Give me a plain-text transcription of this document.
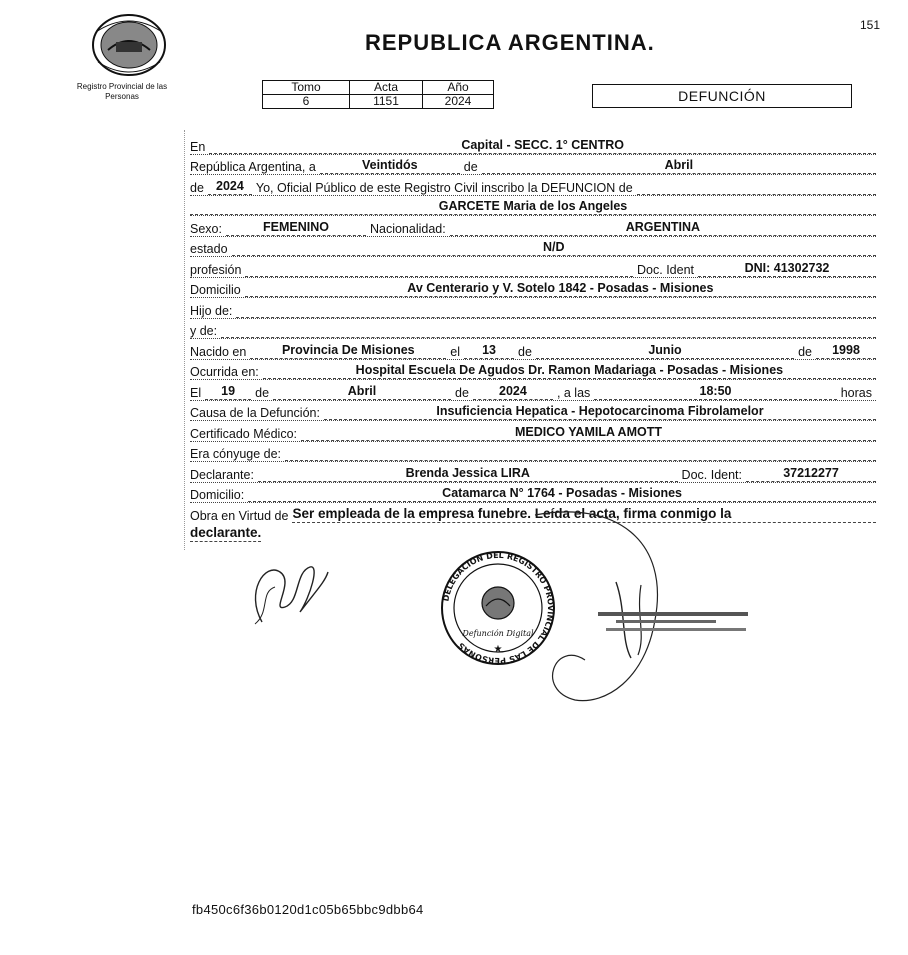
151
Registro Provincial de las Personas
REPUBLICA ARGENTINA.
Tomo	Acta	Año
6	1151	2024	DEFUNCIÓN
En	Capital - SECC. 1° CENTRO
República Argentina, a	Veintidós	de	Abril
de 2024 Yo, Oficial Público de este Registro Civil inscribo la DEFUNCION de
GARCETE Maria de los Angeles
Sexo:	FEMENINO	Nacionalidad:	ARGENTINA
estado	N/D
profesión	Doc. Ident	DNI: 41302732
Domicilio	Av Centerario y V. Sotelo 1842 - Posadas - Misiones
Hijo de:
y de:
Nacido en	Provincia De Misiones	el	13	de	Junio	de	1998
Ocurrida en:	Hospital Escuela De Agudos Dr. Ramon Madariaga - Posadas - Misiones
El	19	de	Abril	de	2024	, a las	18:50	horas
Causa de la Defunción:	Insuficiencia Hepatica - Hepotocarcinoma Fibrolamelor
Certificado Médico:	MEDICO YAMILA AMOTT
Era cónyuge de:
Declarante:	Brenda Jessica LIRA	Doc. Ident:	37212277
Domicilio:	Catamarca N° 1764 - Posadas - Misiones
Obra en Virtud de Ser empleada de la empresa funebre. Leída el acta, firma conmigo la
declarante.
DELEGACION DEL REGISTRO PROVINCIAL DE LAS PERSONAS
Defunción Digital
★
fb450c6f36b0120d1c05b65bbc9dbb64
